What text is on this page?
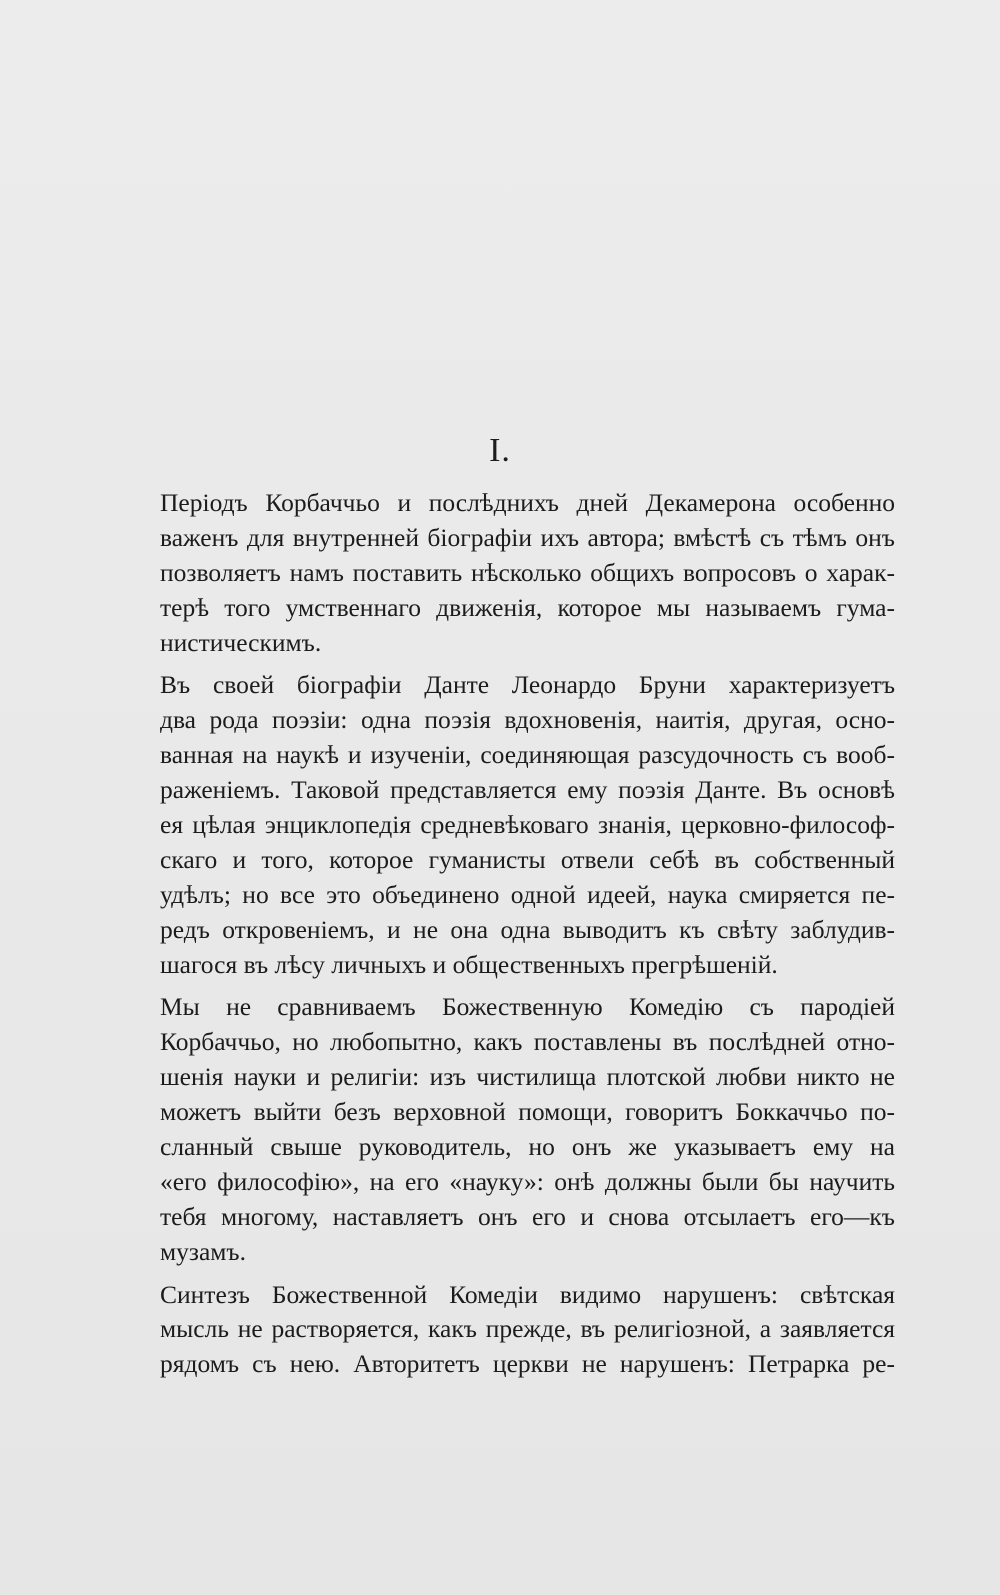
I.
Періодъ Корбаччьо и послѣднихъ дней Декамерона особенно
важенъ для внутренней біографіи ихъ автора; вмѣстѣ съ тѣмъ онъ
позволяетъ намъ поставить нѣсколько общихъ вопросовъ о харак-
терѣ того умственнаго движенія, которое мы называемъ гума-
нистическимъ.
Въ своей біографіи Данте Леонардо Бруни характеризуетъ
два рода поэзіи: одна поэзія вдохновенія, наитія, другая, осно-
ванная на наукѣ и изученіи, соединяющая разсудочность съ вооб-
раженіемъ. Таковой представляется ему поэзія Данте. Въ основѣ
ея цѣлая энциклопедія средневѣковаго знанія, церковно-философ-
скаго и того, которое гуманисты отвели себѣ въ собственный
удѣлъ; но все это объединено одной идеей, наука смиряется пе-
редъ откровеніемъ, и не она одна выводитъ къ свѣту заблудив-
шагося въ лѣсу личныхъ и общественныхъ прегрѣшеній.
Мы не сравниваемъ Божественную Комедію съ пародіей
Корбаччьо, но любопытно, какъ поставлены въ послѣдней отно-
шенія науки и религіи: изъ чистилища плотской любви никто не
можетъ выйти безъ верховной помощи, говоритъ Боккаччьо по-
сланный свыше руководитель, но онъ же указываетъ ему на
«его философію», на его «науку»: онѣ должны были бы научить
тебя многому, наставляетъ онъ его и снова отсылаетъ его—къ
музамъ.
Синтезъ Божественной Комедіи видимо нарушенъ: свѣтская
мысль не растворяется, какъ прежде, въ религіозной, а заявляется
рядомъ съ нею. Авторитетъ церкви не нарушенъ: Петрарка ре-
